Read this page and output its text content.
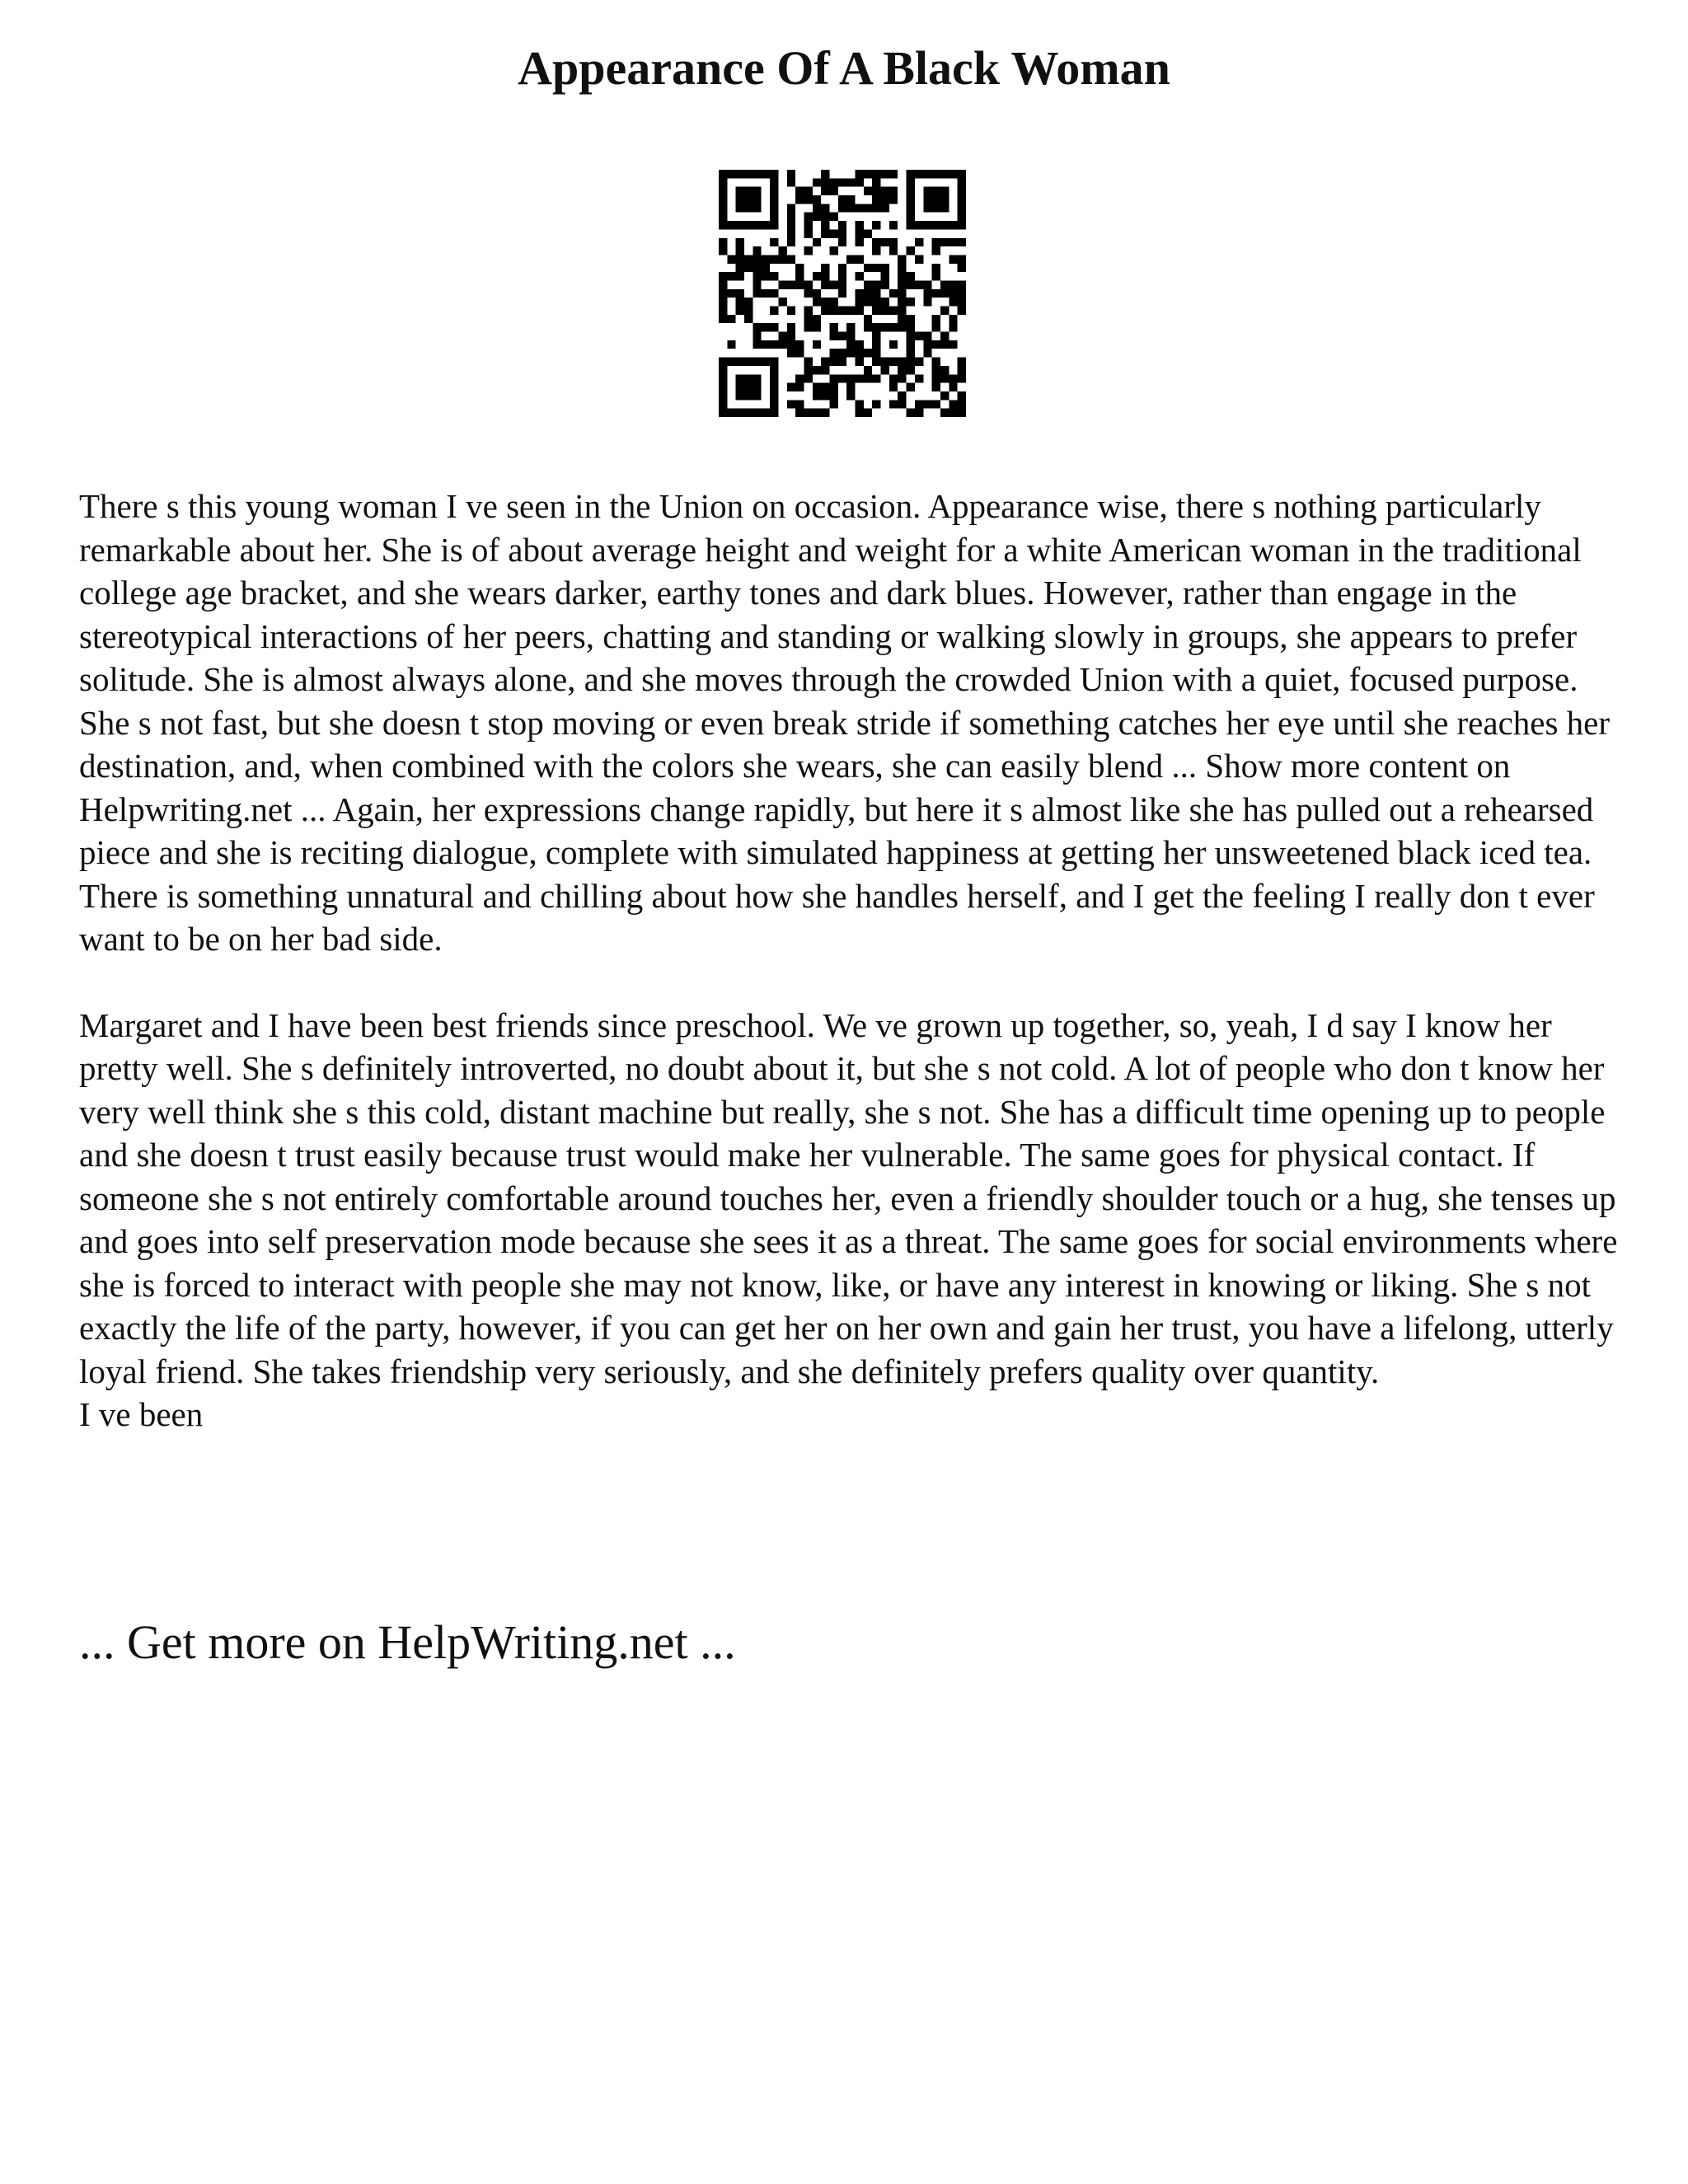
Appearance Of A Black Woman

There s this young woman I ve seen in the Union on occasion. Appearance wise, there s nothing particularly remarkable about her. She is of about average height and weight for a white American woman in the traditional college age bracket, and she wears darker, earthy tones and dark blues. However, rather than engage in the stereotypical interactions of her peers, chatting and standing or walking slowly in groups, she appears to prefer solitude. She is almost always alone, and she moves through the crowded Union with a quiet, focused purpose. She s not fast, but she doesn t stop moving or even break stride if something catches her eye until she reaches her destination, and, when combined with the colors she wears, she can easily blend ... Show more content on Helpwriting.net ... Again, her expressions change rapidly, but here it s almost like she has pulled out a rehearsed piece and she is reciting dialogue, complete with simulated happiness at getting her unsweetened black iced tea. There is something unnatural and chilling about how she handles herself, and I get the feeling I really don t ever want to be on her bad side.

Margaret and I have been best friends since preschool. We ve grown up together, so, yeah, I d say I know her pretty well. She s definitely introverted, no doubt about it, but she s not cold. A lot of people who don t know her very well think she s this cold, distant machine but really, she s not. She has a difficult time opening up to people and she doesn t trust easily because trust would make her vulnerable. The same goes for physical contact. If someone she s not entirely comfortable around touches her, even a friendly shoulder touch or a hug, she tenses up and goes into self preservation mode because she sees it as a threat. The same goes for social environments where she is forced to interact with people she may not know, like, or have any interest in knowing or liking. She s not exactly the life of the party, however, if you can get her on her own and gain her trust, you have a lifelong, utterly loyal friend. She takes friendship very seriously, and she definitely prefers quality over quantity.

I ve been

... Get more on HelpWriting.net ...
